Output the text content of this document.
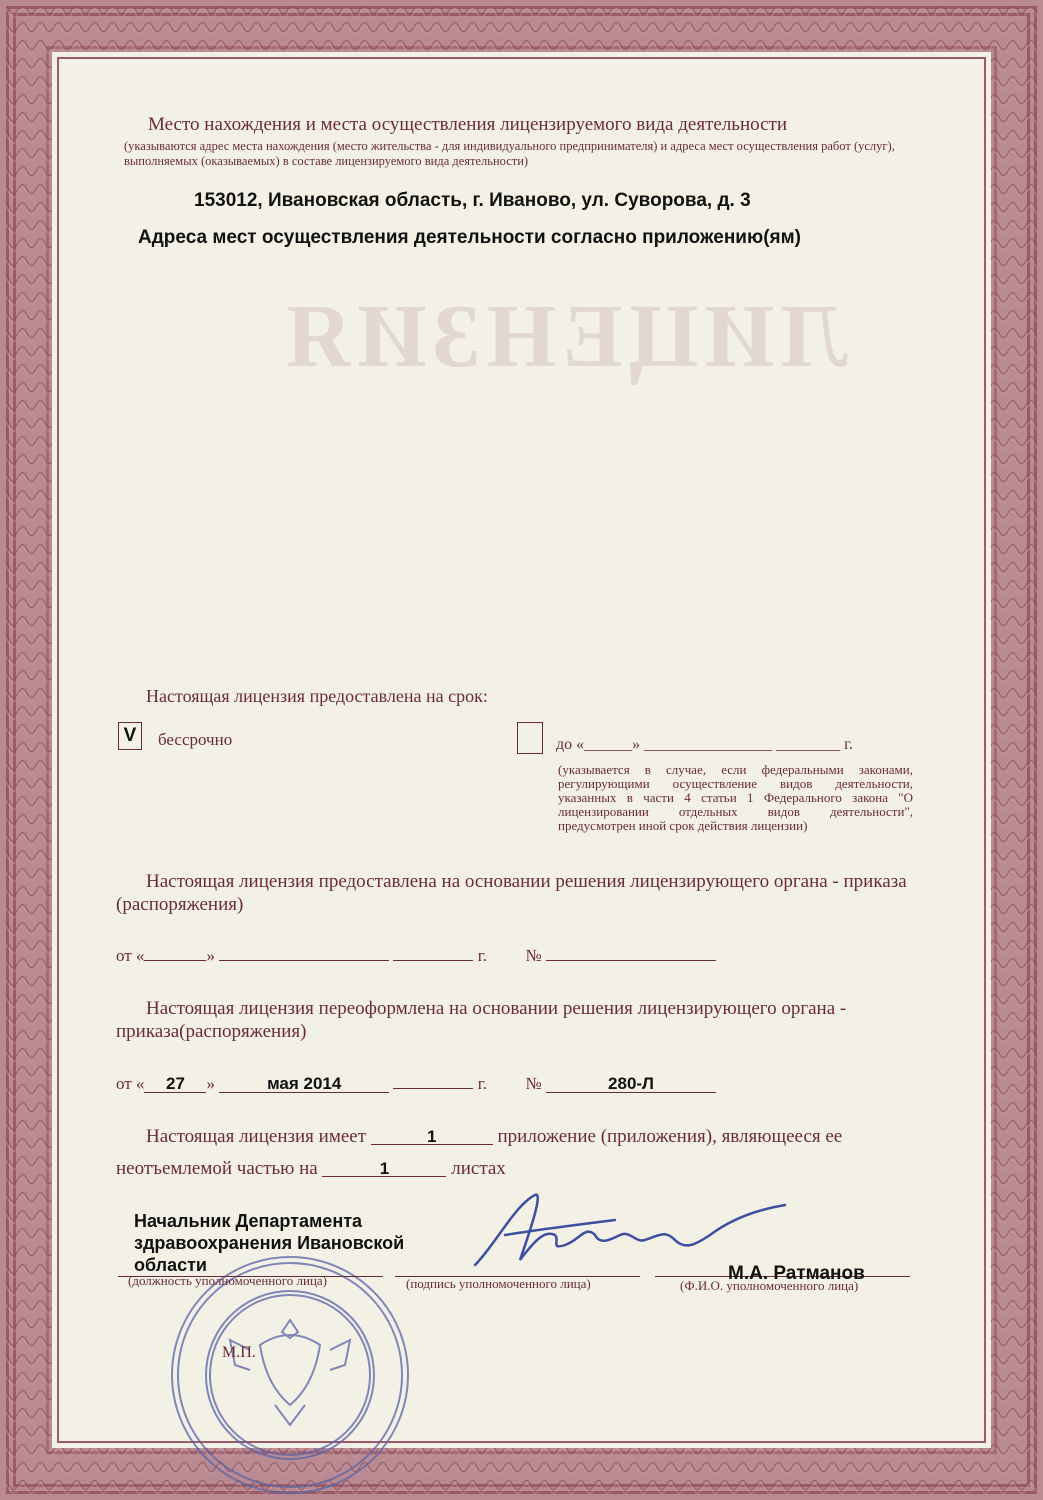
ЛИЦЕНЗИЯ
Место нахождения и места осуществления лицензируемого вида деятельности
(указываются адрес места нахождения (место жительства - для индивидуального предпринимателя) и адреса мест осуществления работ (услуг), выполняемых (оказываемых) в составе лицензируемого вида деятельности)
153012, Ивановская область, г. Иваново, ул. Суворова, д. 3
Адреса мест осуществления деятельности согласно приложению(ям)
Настоящая лицензия предоставлена на срок:
V	бессрочно	до «______» ________________ ________ г.
(указывается в случае, если федеральными законами, регулирующими осуществление видов деятельности, указанных в части 4 статьи 1 Федерального закона "О лицензировании отдельных видов деятельности", предусмотрен иной срок действия лицензии)
Настоящая лицензия предоставлена на основании решения лицензирующего органа - приказа (распоряжения)
от «	»	г. №
Настоящая лицензия переоформлена на основании решения лицензирующего органа - приказа(распоряжения)
от « 27 »	мая 2014	г. №	280-Л
Настоящая лицензия имеет	1	приложение (приложения), являющееся ее
неотъемлемой частью на	1	листах
Начальник Департамента здравоохранения Ивановской области
(должность уполномоченного лица)	(подпись уполномоченного лица)	М.А. Ратманов
(Ф.И.О. уполномоченного лица)
М.П.
